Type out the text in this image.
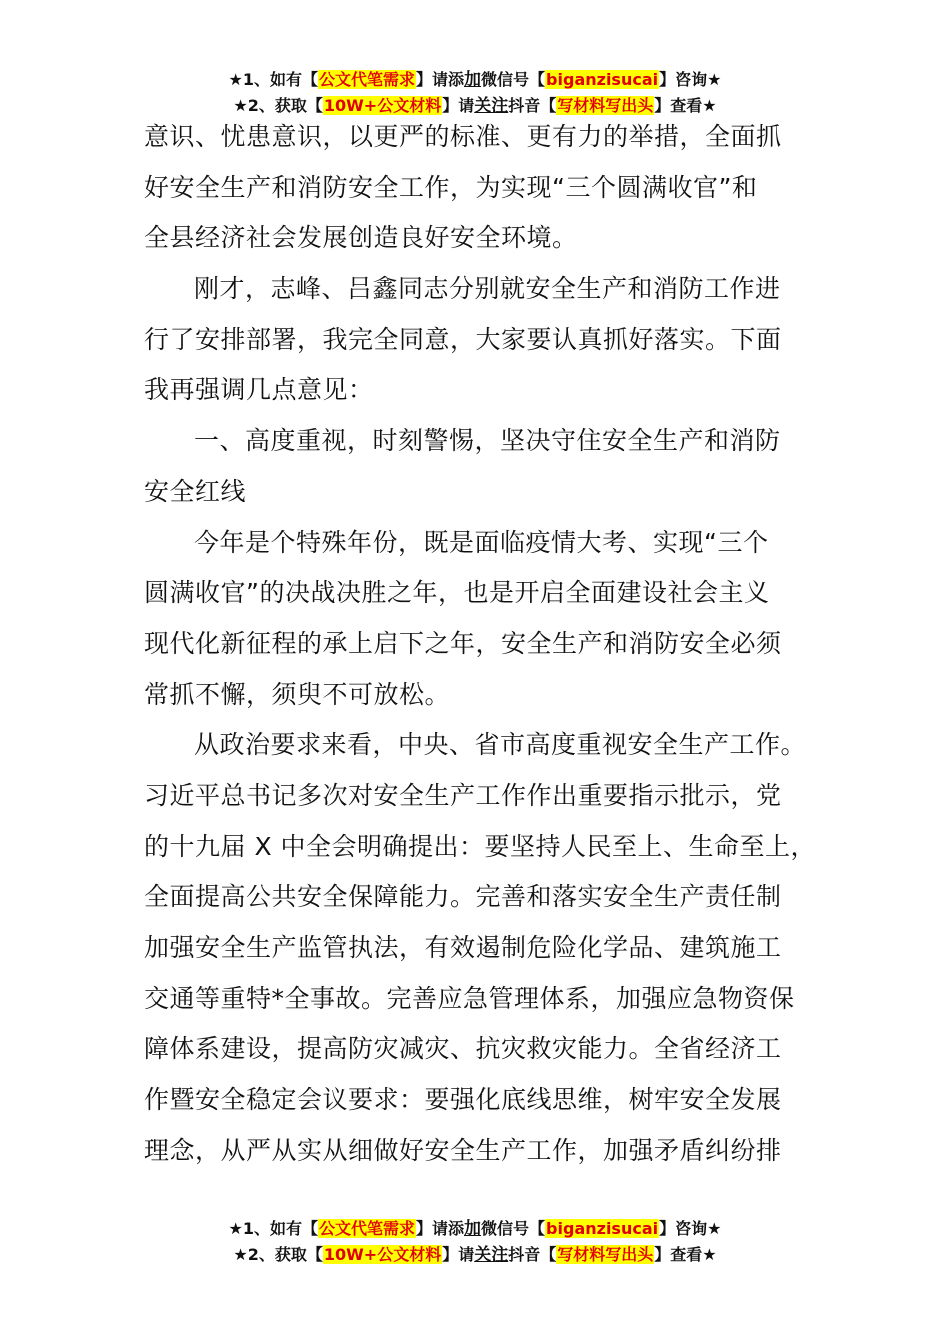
★1、如有【公文代笔需求】请添加微信号【biganzisucai】咨询★
★2、获取【10W+公文材料】请关注抖音【写材料写出头】查看★
意识、忧患意识，以更严的标准、更有力的举措，全面抓
好安全生产和消防安全工作，为实现“三个圆满收官”和
全县经济社会发展创造良好安全环境。
刚才，志峰、吕鑫同志分别就安全生产和消防工作进
行了安排部署，我完全同意，大家要认真抓好落实。下面
我再强调几点意见：
一、高度重视，时刻警惕，坚决守住安全生产和消防
安全红线
今年是个特殊年份，既是面临疫情大考、实现“三个
圆满收官”的决战决胜之年，也是开启全面建设社会主义
现代化新征程的承上启下之年，安全生产和消防安全必须
常抓不懈，须臾不可放松。
从政治要求来看，中央、省市高度重视安全生产工作。
习近平总书记多次对安全生产工作作出重要指示批示，党
的十九届 X 中全会明确提出：要坚持人民至上、生命至上，
全面提高公共安全保障能力。完善和落实安全生产责任制
加强安全生产监管执法，有效遏制危险化学品、建筑施工
交通等重特*全事故。完善应急管理体系，加强应急物资保
障体系建设，提高防灾减灾、抗灾救灾能力。全省经济工
作暨安全稳定会议要求：要强化底线思维，树牢安全发展
理念，从严从实从细做好安全生产工作，加强矛盾纠纷排
★1、如有【公文代笔需求】请添加微信号【biganzisucai】咨询★
★2、获取【10W+公文材料】请关注抖音【写材料写出头】查看★
